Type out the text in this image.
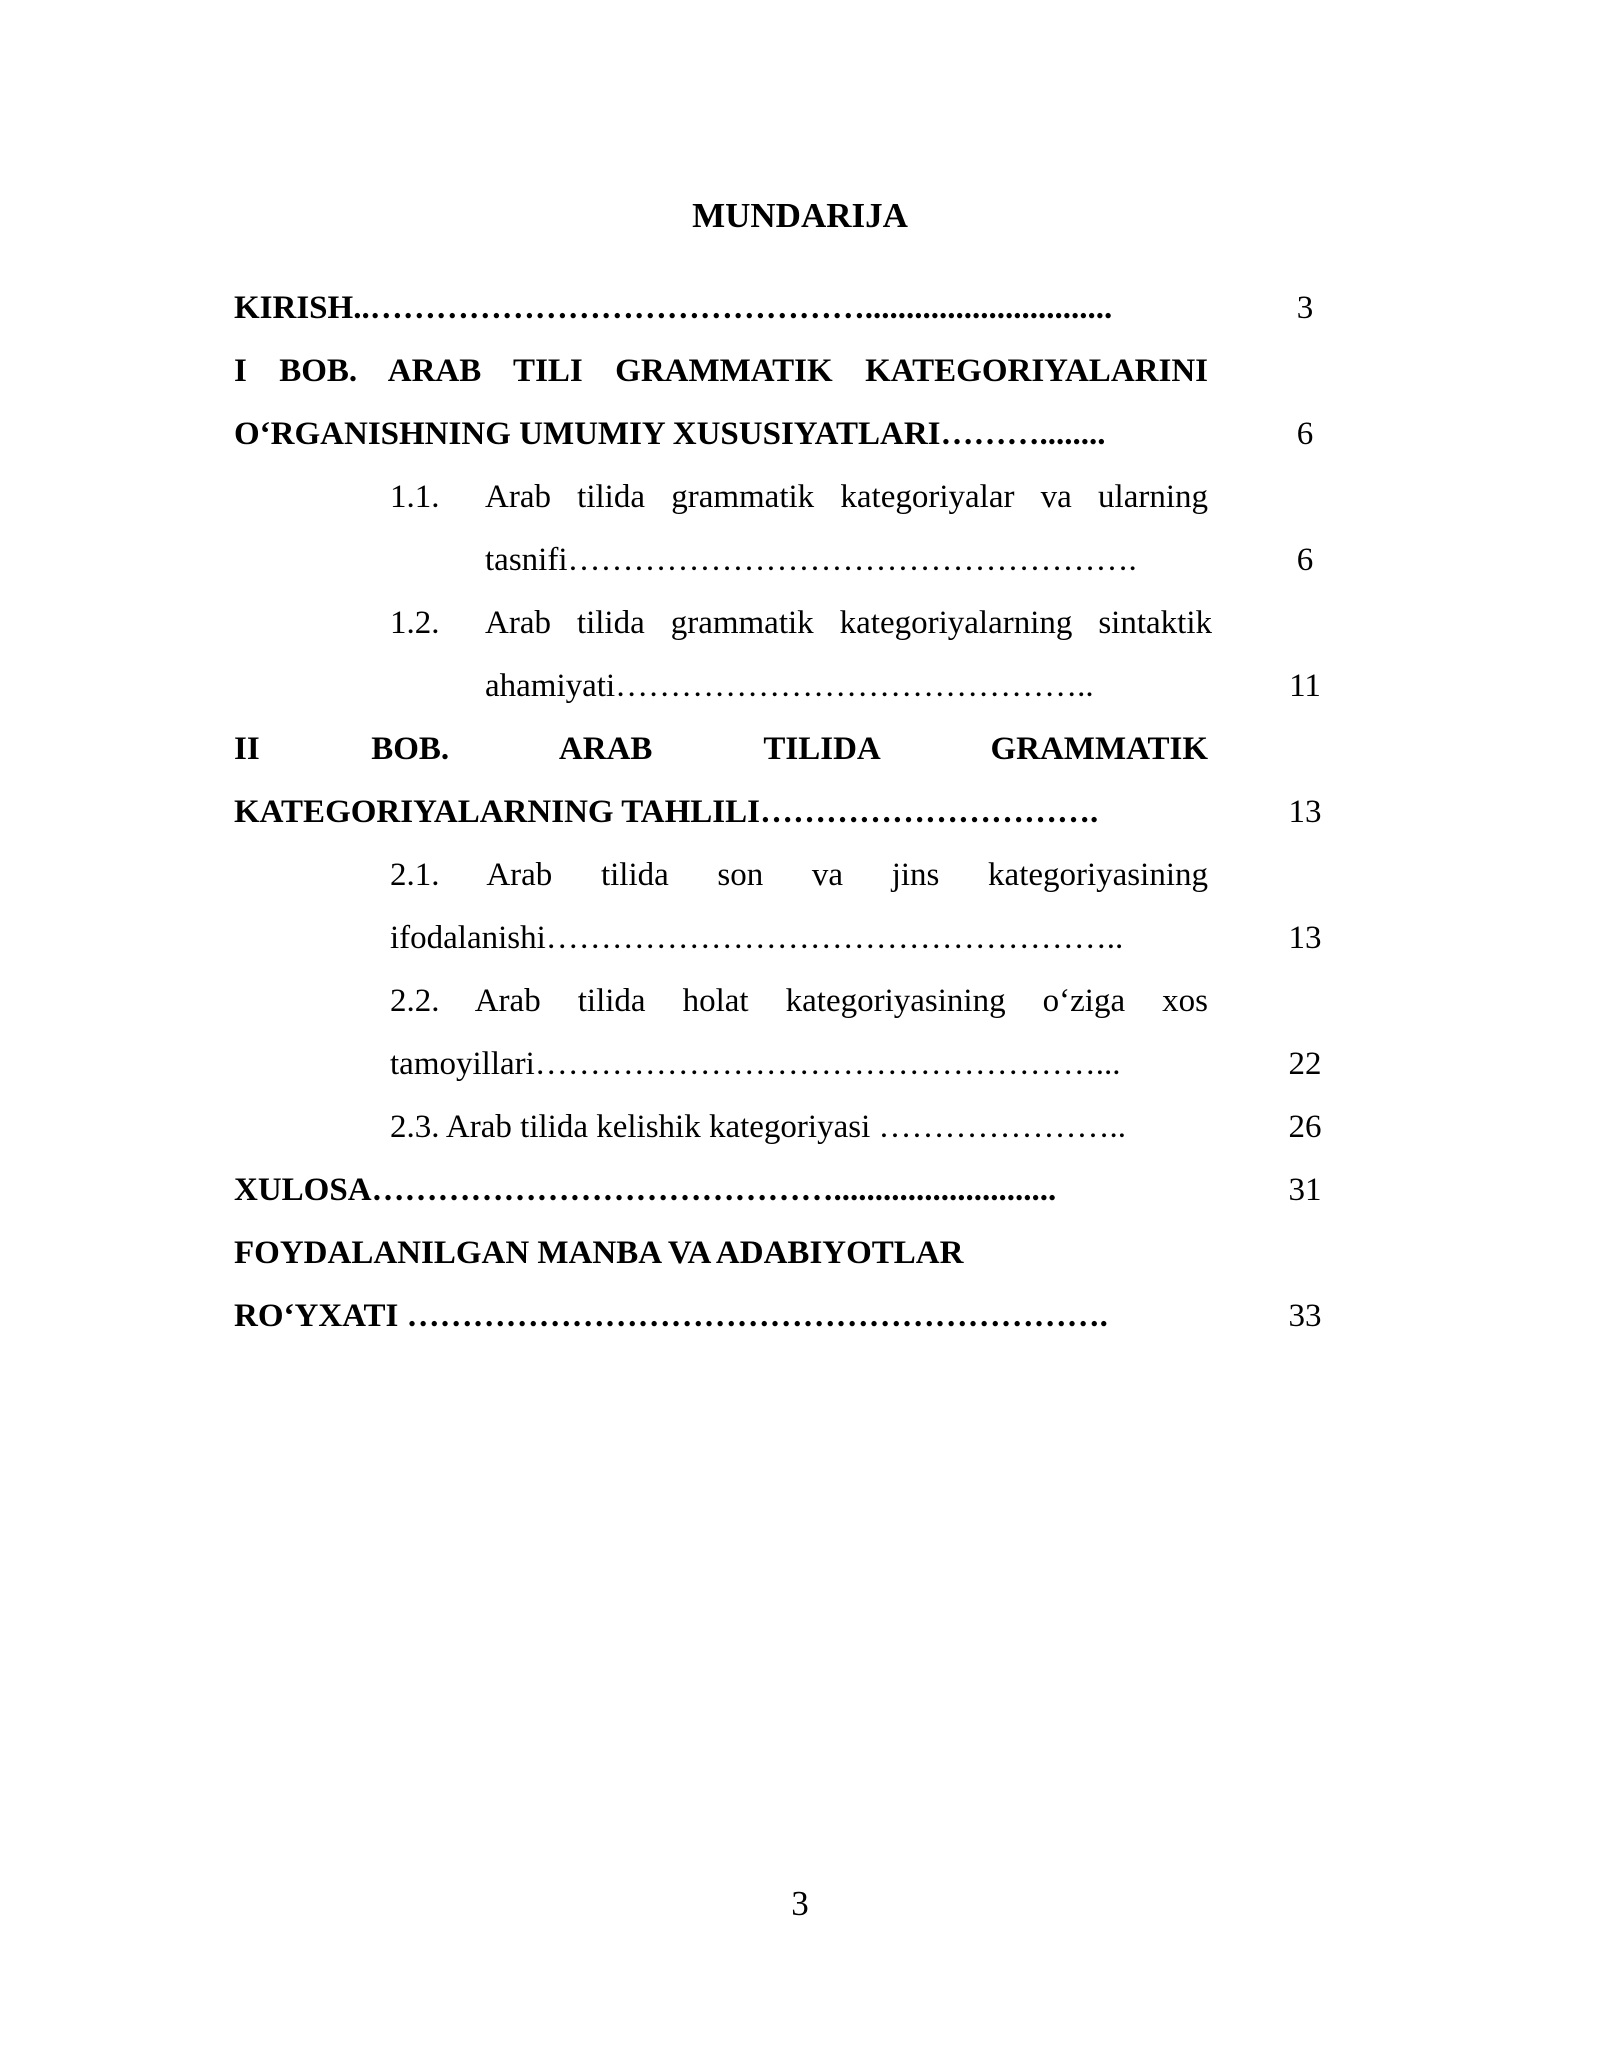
MUNDARIJA
KIRISH..………………………………………..............................	3
I BOB. ARAB TILI GRAMMATIK KATEGORIYALARINI
O‘RGANISHNING UMUMIY XUSUSIYATLARI………........	6
1.1. Arab tilida grammatik kategoriyalar va ularning
tasnifi…………………………………………….	6
1.2. Arab tilida grammatik kategoriyalarning sintaktik
ahamiyati……………………………………..	11
II BOB. ARAB TILIDA GRAMMATIK
KATEGORIYALARNING TAHLILI………………………….	13
2.1. Arab tilida son va jins kategoriyasining
ifodalanishi……………………………………………..	13
2.2. Arab tilida holat kategoriyasining o‘ziga xos
tamoyillari……………………………………………...	22
2.3. Arab tilida kelishik kategoriyasi …………………..	26
XULOSA……………………………………...........................	31
FOYDALANILGAN MANBA VA ADABIYOTLAR
RO‘YXATI ……………………………………………………….	33
3
